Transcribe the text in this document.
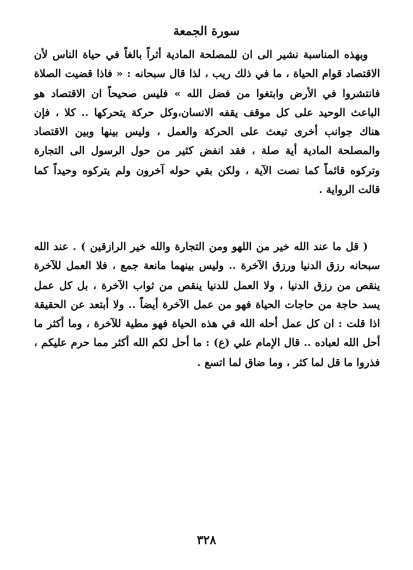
سورة الجمعة

وبهذه المناسبة نشير الى ان للمصلحة المادية أثراً بالغاً في حياة الناس لأن الاقتصاد قوام الحياة ، ما في ذلك ريب ، لذا قال سبحانه : « فاذا قضيت الصلاة فانتشروا في الأرض وابتغوا من فضل الله » فليس صحيحاً ان الاقتصاد هو الباعث الوحيد على كل موقف يقفه الانسان،وكل حركة يتحركها .. كلا ، فإن هناك جوانب أخرى تبعث على الحركة والعمل ، وليس بينها وبين الاقتصاد والمصلحة المادية أية صلة ، فقد انفض كثير من حول الرسول الى التجارة وتركوه قائماً كما نصت الآية ، ولكن بقي حوله آخرون ولم يتركوه وحيداً كما قالت الرواية .

( قل ما عند الله خير من اللهو ومن التجارة والله خير الرازقين ) . عند الله سبحانه رزق الدنيا ورزق الآخرة .. وليس بينهما مانعة جمع ، فلا العمل للآخرة ينقص من رزق الدنيا ، ولا العمل للدنيا ينقص من ثواب الآخرة ، بل كل عمل يسد حاجة من حاجات الحياة فهو من عمل الآخرة أيضاً .. ولا أبتعد عن الحقيقة اذا قلت : ان كل عمل أحله الله في هذه الحياة فهو مطية للآخرة ، وما أكثر ما أحل الله لعباده .. قال الإمام علي (ع) : ما أحل لكم الله أكثر مما حرم عليكم ، فذروا ما قل لما كثر ، وما ضاق لما اتسع .

٣٢٨
